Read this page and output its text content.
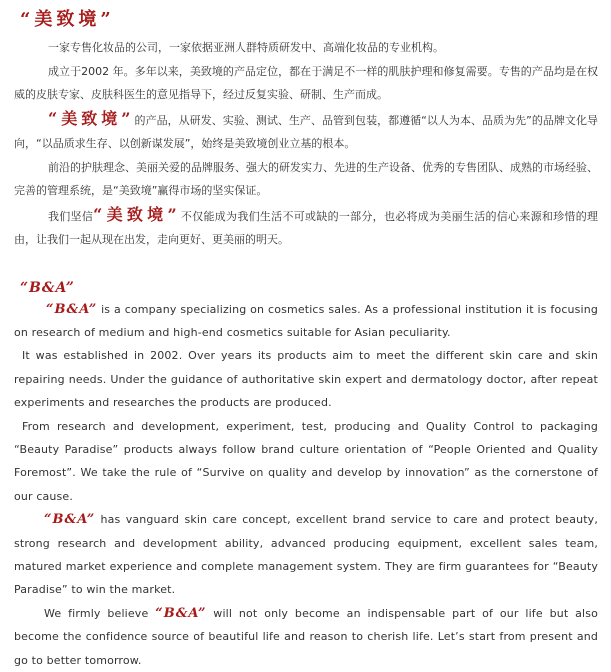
“美致境”

一家专售化妆品的公司，一家依据亚洲人群特质研发中、高端化妆品的专业机构。

成立于2002 年。多年以来，美致境的产品定位，都在于满足不一样的肌肤护理和修复需要。专售的产品均是在权威的皮肤专家、皮肤科医生的意见指导下，经过反复实验、研制、生产而成。

“美致境”的产品，从研发、实验、测试、生产、品管到包装，都遵循“以人为本、品质为先”的品牌文化导向，“以品质求生存、以创新谋发展”，始终是美致境创业立基的根本。

前沿的护肤理念、美丽关爱的品牌服务、强大的研发实力、先进的生产设备、优秀的专售团队、成熟的市场经验、完善的管理系统，是“美致境”赢得市场的坚实保证。

我们坚信“美致境”不仅能成为我们生活不可或缺的一部分，也必将成为美丽生活的信心来源和珍惜的理由，让我们一起从现在出发，走向更好、更美丽的明天。

“B&A”

“B&A” is a company specializing on cosmetics sales. As a professional institution it is focusing on research of medium and high-end cosmetics suitable for Asian peculiarity.

It was established in 2002. Over years its products aim to meet the different skin care and skin repairing needs. Under the guidance of authoritative skin expert and dermatology doctor, after repeat experiments and researches the products are produced.

From research and development, experiment, test, producing and Quality Control to packaging “Beauty Paradise” products always follow brand culture orientation of “People Oriented and Quality Foremost”. We take the rule of “Survive on quality and develop by innovation” as the cornerstone of our cause.

“B&A” has vanguard skin care concept, excellent brand service to care and protect beauty, strong research and development ability, advanced producing equipment, excellent sales team, matured market experience and complete management system. They are firm guarantees for “Beauty Paradise” to win the market.

We firmly believe “B&A” will not only become an indispensable part of our life but also become the confidence source of beautiful life and reason to cherish life. Let’s start from present and go to better tomorrow.
